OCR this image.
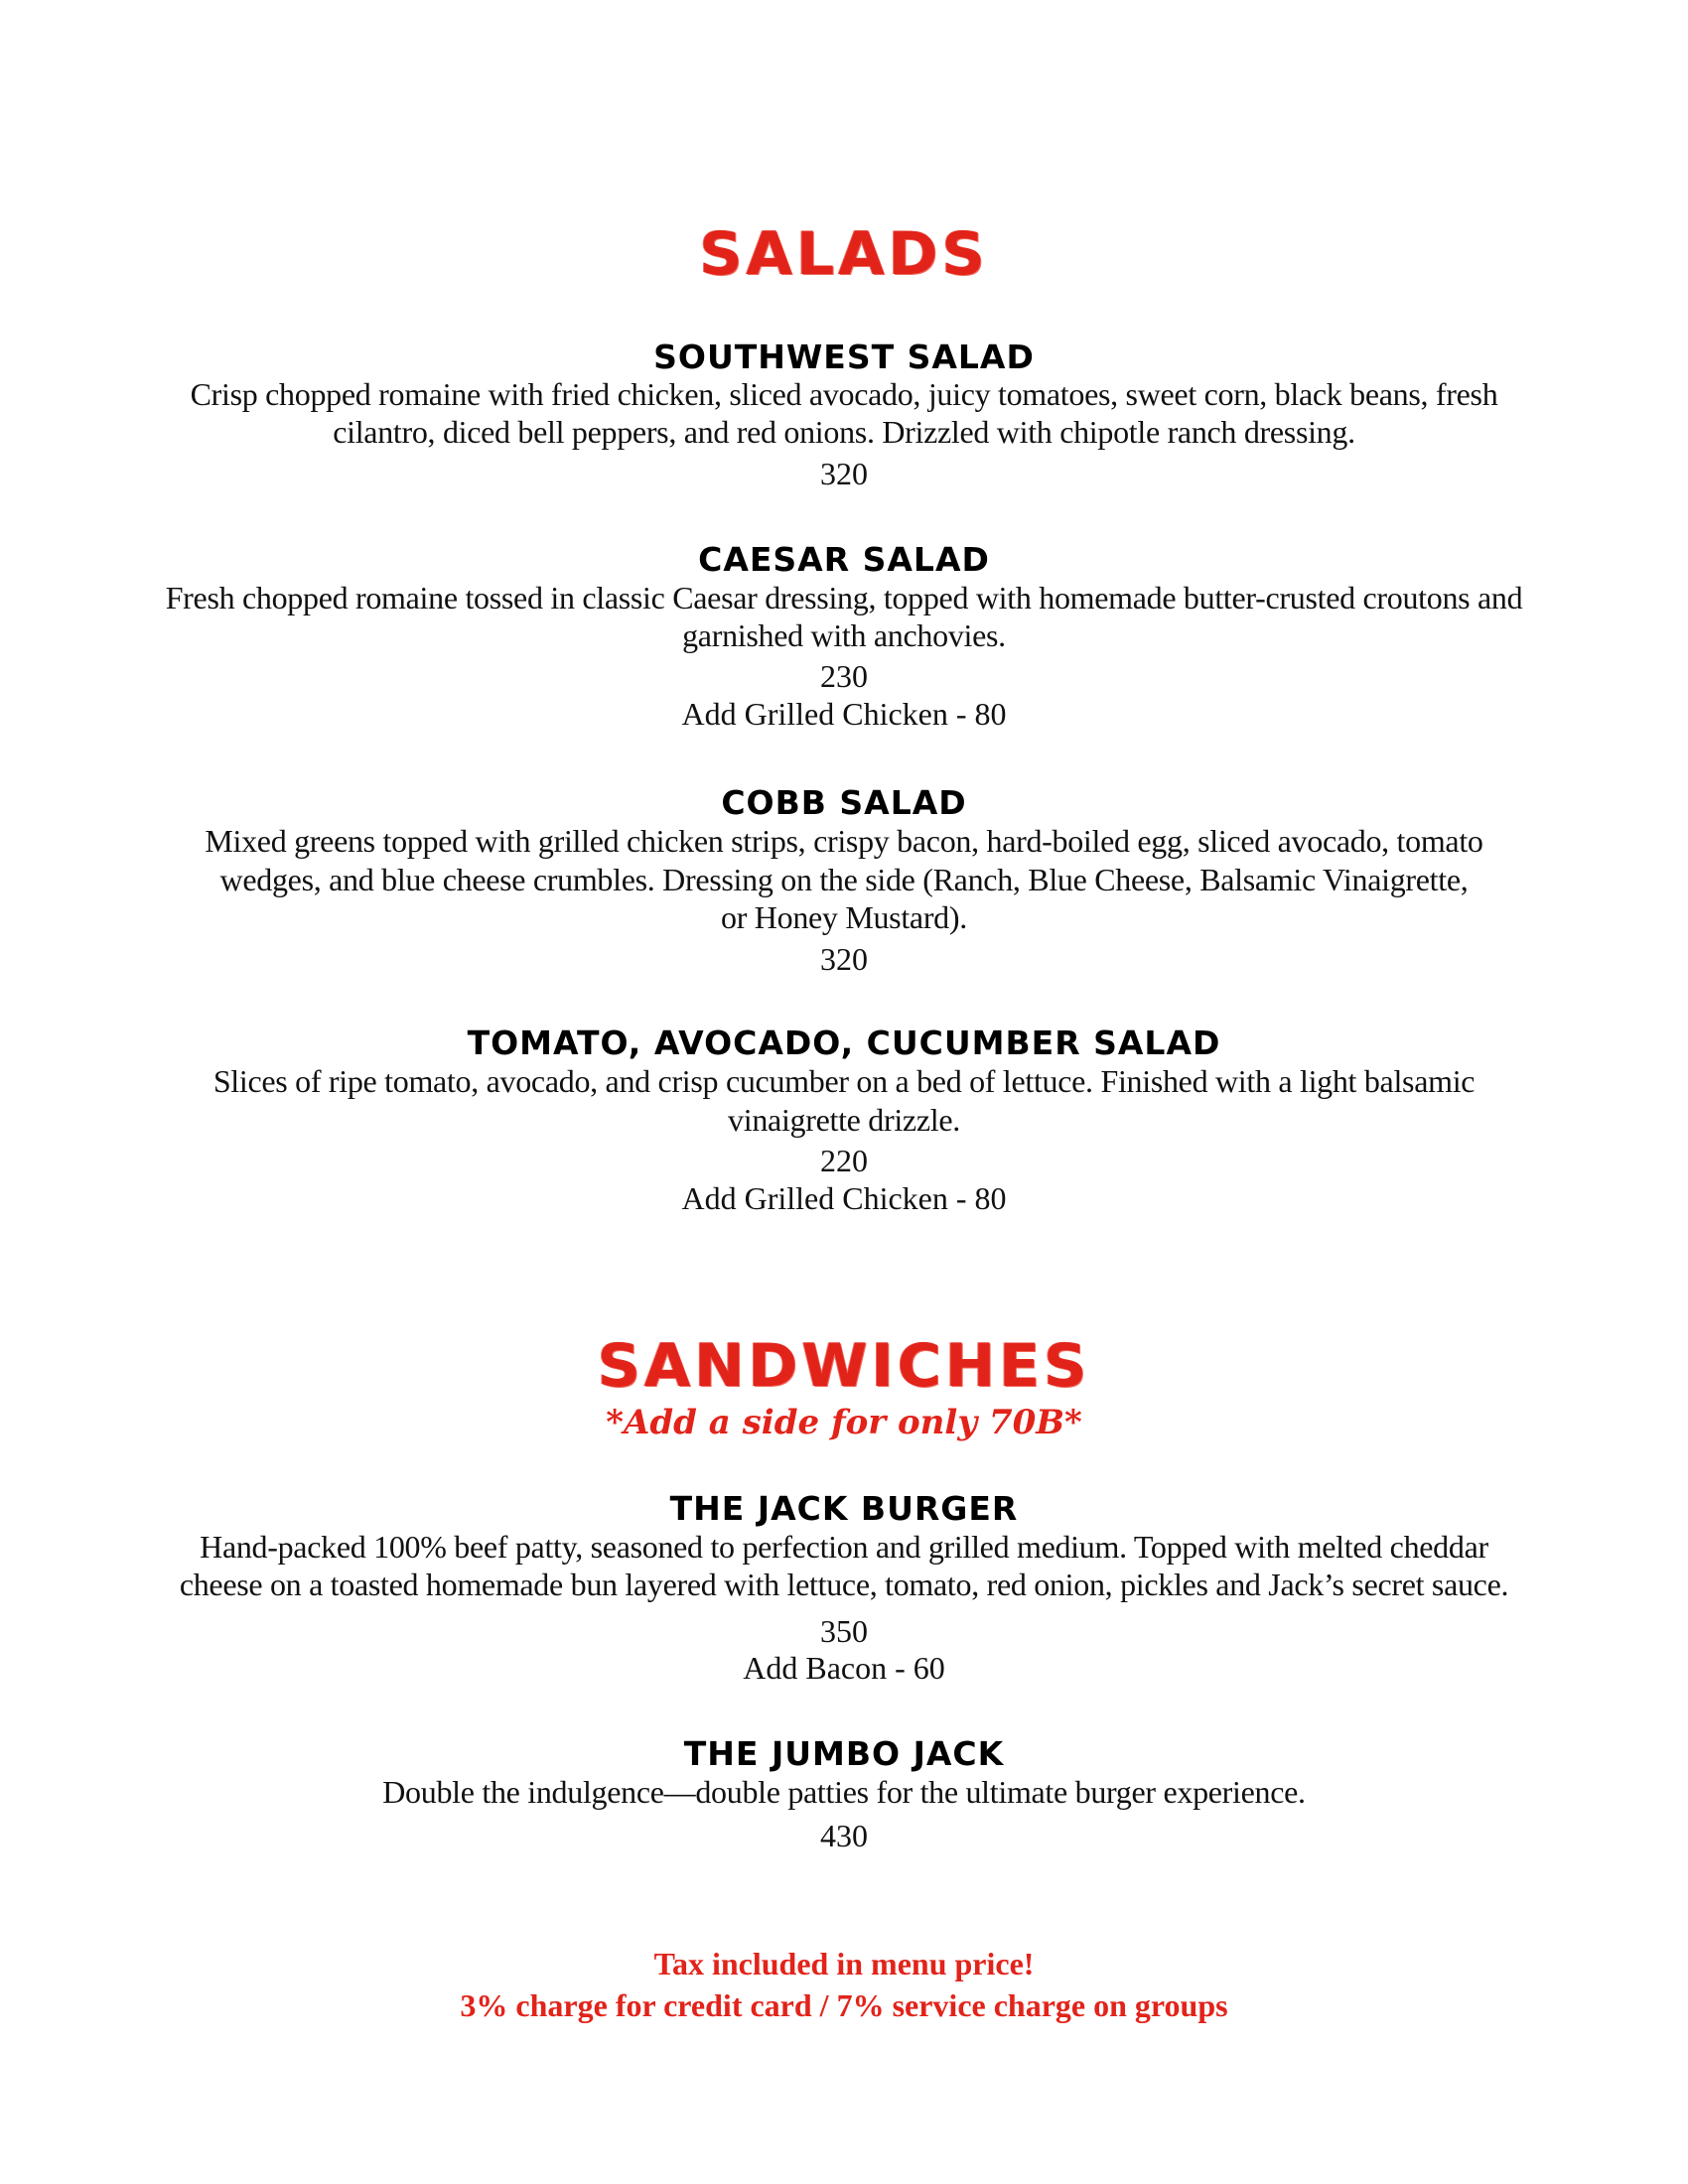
SALADS
SOUTHWEST SALAD
Crisp chopped romaine with fried chicken, sliced avocado, juicy tomatoes, sweet corn, black beans, fresh
cilantro, diced bell peppers, and red onions. Drizzled with chipotle ranch dressing.
320
CAESAR SALAD
Fresh chopped romaine tossed in classic Caesar dressing, topped with homemade butter-crusted croutons and
garnished with anchovies.
230
Add Grilled Chicken - 80
COBB SALAD
Mixed greens topped with grilled chicken strips, crispy bacon, hard-boiled egg, sliced avocado, tomato
wedges, and blue cheese crumbles. Dressing on the side (Ranch, Blue Cheese, Balsamic Vinaigrette,
or Honey Mustard).
320
TOMATO, AVOCADO, CUCUMBER SALAD
Slices of ripe tomato, avocado, and crisp cucumber on a bed of lettuce. Finished with a light balsamic
vinaigrette drizzle.
220
Add Grilled Chicken - 80
SANDWICHES
*Add a side for only 70B*
THE JACK BURGER
Hand-packed 100% beef patty, seasoned to perfection and grilled medium. Topped with melted cheddar
cheese on a toasted homemade bun layered with lettuce, tomato, red onion, pickles and Jack’s secret sauce.
350
Add Bacon - 60
THE JUMBO JACK
Double the indulgence—double patties for the ultimate burger experience.
430
Tax included in menu price!
3% charge for credit card / 7% service charge on groups
